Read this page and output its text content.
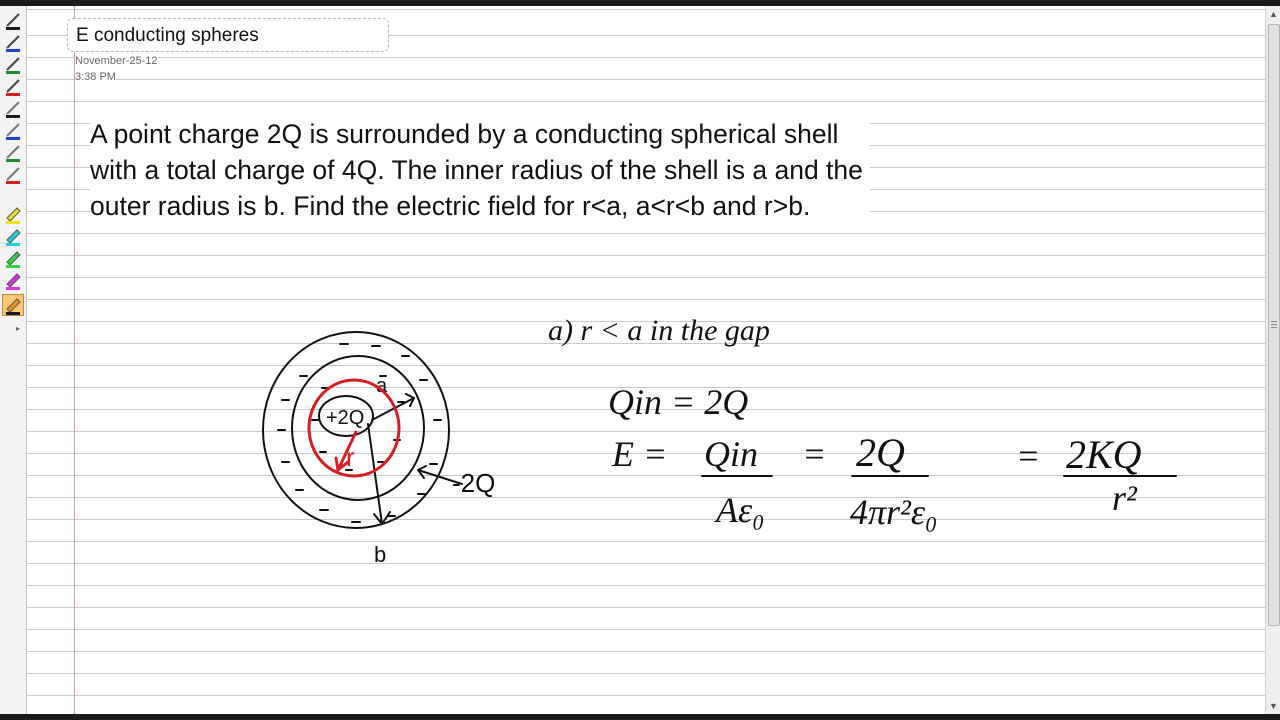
▸
E conducting spheres
November-25-12
3:38 PM
A point charge 2Q is surrounded by a conducting spherical shell with a total charge of 4Q. The inner radius of the shell is a and the outer radius is b. Find the electric field for r<a, a<r<b and r>b.
+2Q
a
b
-2Q
r
a) r < a in the gap
Qin = 2Q
E = Qin
Aε₀
= 2Q
4πr²ε₀
= 2KQ
r²
▲
▼
